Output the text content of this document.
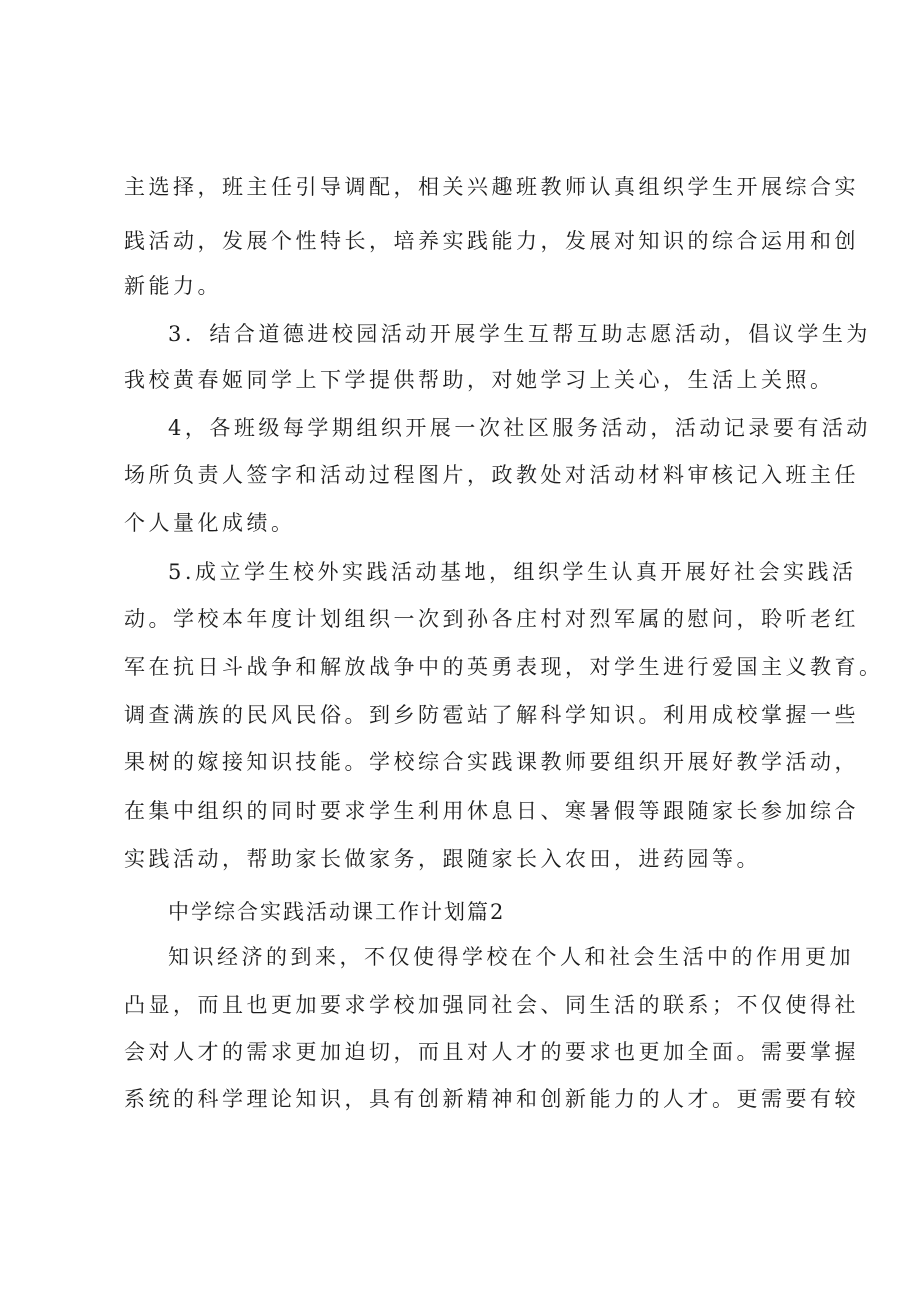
主选择，班主任引导调配，相关兴趣班教师认真组织学生开展综合实
践活动，发展个性特长，培养实践能力，发展对知识的综合运用和创
新能力。
3．结合道德进校园活动开展学生互帮互助志愿活动，倡议学生为
我校黄春姬同学上下学提供帮助，对她学习上关心，生活上关照。
4，各班级每学期组织开展一次社区服务活动，活动记录要有活动
场所负责人签字和活动过程图片，政教处对活动材料审核记入班主任
个人量化成绩。
5.成立学生校外实践活动基地，组织学生认真开展好社会实践活
动。学校本年度计划组织一次到孙各庄村对烈军属的慰问，聆听老红
军在抗日斗战争和解放战争中的英勇表现，对学生进行爱国主义教育。
调查满族的民风民俗。到乡防雹站了解科学知识。利用成校掌握一些
果树的嫁接知识技能。学校综合实践课教师要组织开展好教学活动，
在集中组织的同时要求学生利用休息日、寒暑假等跟随家长参加综合
实践活动，帮助家长做家务，跟随家长入农田，进药园等。
中学综合实践活动课工作计划篇2
知识经济的到来，不仅使得学校在个人和社会生活中的作用更加
凸显，而且也更加要求学校加强同社会、同生活的联系；不仅使得社
会对人才的需求更加迫切，而且对人才的要求也更加全面。需要掌握
系统的科学理论知识，具有创新精神和创新能力的人才。更需要有较
